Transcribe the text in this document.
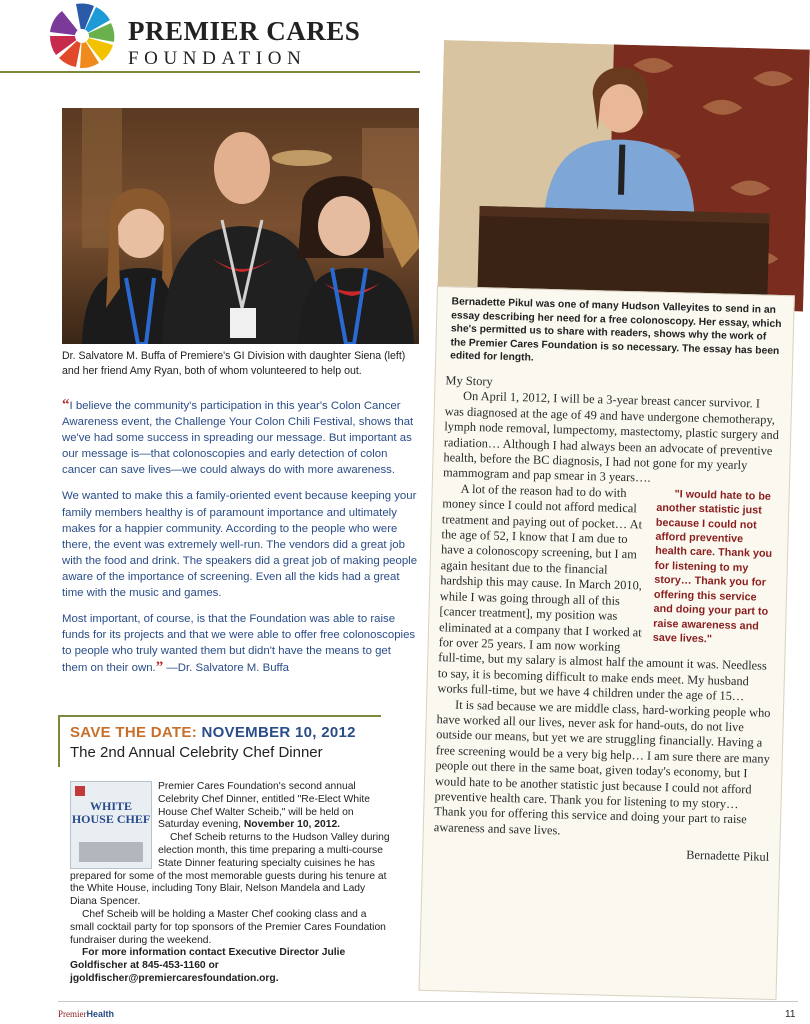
PREMIER CARES
FOUNDATION
Dr. Salvatore M. Buffa of Premiere's GI Division with daughter Siena (left) and her friend Amy Ryan, both of whom volunteered to help out.

“I believe the community's participation in this year's Colon Cancer Awareness event, the Challenge Your Colon Chili Festival, shows that we've had some success in spreading our message. But important as our message is—that colonoscopies and early detection of colon cancer can save lives—we could always do with more awareness.

We wanted to make this a family-oriented event because keeping your family members healthy is of paramount importance and ultimately makes for a happier community. According to the people who were there, the event was extremely well-run. The vendors did a great job with the food and drink. The speakers did a great job of making people aware of the importance of screening. Even all the kids had a great time with the music and games.

Most important, of course, is that the Foundation was able to raise funds for its projects and that we were able to offer free colonoscopies to people who truly wanted them but didn't have the means to get them on their own.” —Dr. Salvatore M. Buffa

SAVE THE DATE: NOVEMBER 10, 2012
The 2nd Annual Celebrity Chef Dinner

Premier Cares Foundation's second annual Celebrity Chef Dinner, entitled "Re-Elect White House Chef Walter Scheib," will be held on Saturday evening, November 10, 2012.

Chef Scheib returns to the Hudson Valley during election month, this time preparing a multi-course State Dinner featuring specialty cuisines he has prepared for some of the most memorable guests during his tenure at the White House, including Tony Blair, Nelson Mandela and Lady Diana Spencer.

Chef Scheib will be holding a Master Chef cooking class and a small cocktail party for top sponsors of the Premier Cares Foundation fundraiser during the weekend.

For more information contact Executive Director Julie Goldfischer at 845-453-1160 or jgoldfischer@premiercaresfoundation.org.

WHITE HOUSE CHEF
Bernadette Pikul was one of many Hudson Valleyites to send in an essay describing her need for a free colonoscopy. Her essay, which she's permitted us to share with readers, shows why the work of the Premier Cares Foundation is so necessary. The essay has been edited for length.

My Story

On April 1, 2012, I will be a 3-year breast cancer survivor. I was diagnosed at the age of 49 and have undergone chemotherapy, lymph node removal, lumpectomy, mastectomy, plastic surgery and radiation… Although I had always been an advocate of preventive health, before the BC diagnosis, I had not gone for my yearly mammogram and pap smear in 3 years….

"I would hate to be another statistic just because I could not afford preventive health care. Thank you for listening to my story… Thank you for offering this service and doing your part to raise awareness and save lives."
A lot of the reason had to do with money since I could not afford medical treatment and paying out of pocket… At the age of 52, I know that I am due to have a colonoscopy screening, but I am again hesitant due to the financial hardship this may cause. In March 2010, while I was going through all of this [cancer treatment], my position was eliminated at a company that I worked at for over 25 years. I am now working full-time, but my salary is almost half the amount it was. Needless to say, it is becoming difficult to make ends meet. My husband works full-time, but we have 4 children under the age of 15…

It is sad because we are middle class, hard-working people who have worked all our lives, never ask for hand-outs, do not live outside our means, but yet we are struggling financially. Having a free screening would be a very big help… I am sure there are many people out there in the same boat, given today's economy, but I would hate to be another statistic just because I could not afford preventive health care. Thank you for listening to my story… Thank you for offering this service and doing your part to raise awareness and save lives.

Bernadette Pikul
PremierHealth	11
